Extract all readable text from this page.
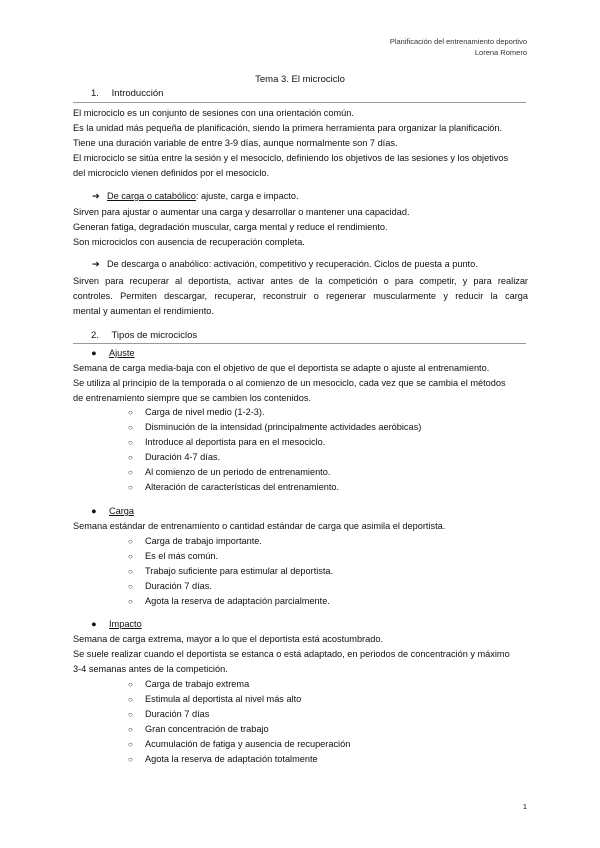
Planificación del entrenamiento deportivo
Lorena Romero
Tema 3. El microciclo
1. Introducción
El microciclo es un conjunto de sesiones con una orientación común.
Es la unidad más pequeña de planificación, siendo la primera herramienta para organizar la planificación.
Tiene una duración variable de entre 3-9 días, aunque normalmente son 7 días.
El microciclo se sitúa entre la sesión y el mesociclo, definiendo los objetivos de las sesiones y los objetivos
del microciclo vienen definidos por el mesociclo.
➔ De carga o catabólico: ajuste, carga e impacto.
Sirven para ajustar o aumentar una carga y desarrollar o mantener una capacidad.
Generan fatiga, degradación muscular, carga mental y reduce el rendimiento.
Son microciclos con ausencia de recuperación completa.
➔ De descarga o anabólico: activación, competitivo y recuperación. Ciclos de puesta a punto.
Sirven para recuperar al deportista, activar antes de la competición o para competir, y para realizar
controles. Permiten descargar, recuperar, reconstruir o regenerar muscularmente y reducir la carga
mental y aumentan el rendimiento.
2. Tipos de microciclos
● Ajuste
Semana de carga media-baja con el objetivo de que el deportista se adapte o ajuste al entrenamiento.
Se utiliza al principio de la temporada o al comienzo de un mesociclo, cada vez que se cambia el métodos
de entrenamiento siempre que se cambien los contenidos.
○ Carga de nivel medio (1-2-3).
○ Disminución de la intensidad (principalmente actividades aeróbicas)
○ Introduce al deportista para en el mesociclo.
○ Duración 4-7 días.
○ Al comienzo de un periodo de entrenamiento.
○ Alteración de características del entrenamiento.
● Carga
Semana estándar de entrenamiento o cantidad estándar de carga que asimila el deportista.
○ Carga de trabajo importante.
○ Es el más común.
○ Trabajo suficiente para estimular al deportista.
○ Duración 7 días.
○ Agota la reserva de adaptación parcialmente.
● Impacto
Semana de carga extrema, mayor a lo que el deportista está acostumbrado.
Se suele realizar cuando el deportista se estanca o está adaptado, en periodos de concentración y máximo
3-4 semanas antes de la competición.
○ Carga de trabajo extrema
○ Estimula al deportista al nivel más alto
○ Duración 7 días
○ Gran concentración de trabajo
○ Acumulación de fatiga y ausencia de recuperación
○ Agota la reserva de adaptación totalmente
1
